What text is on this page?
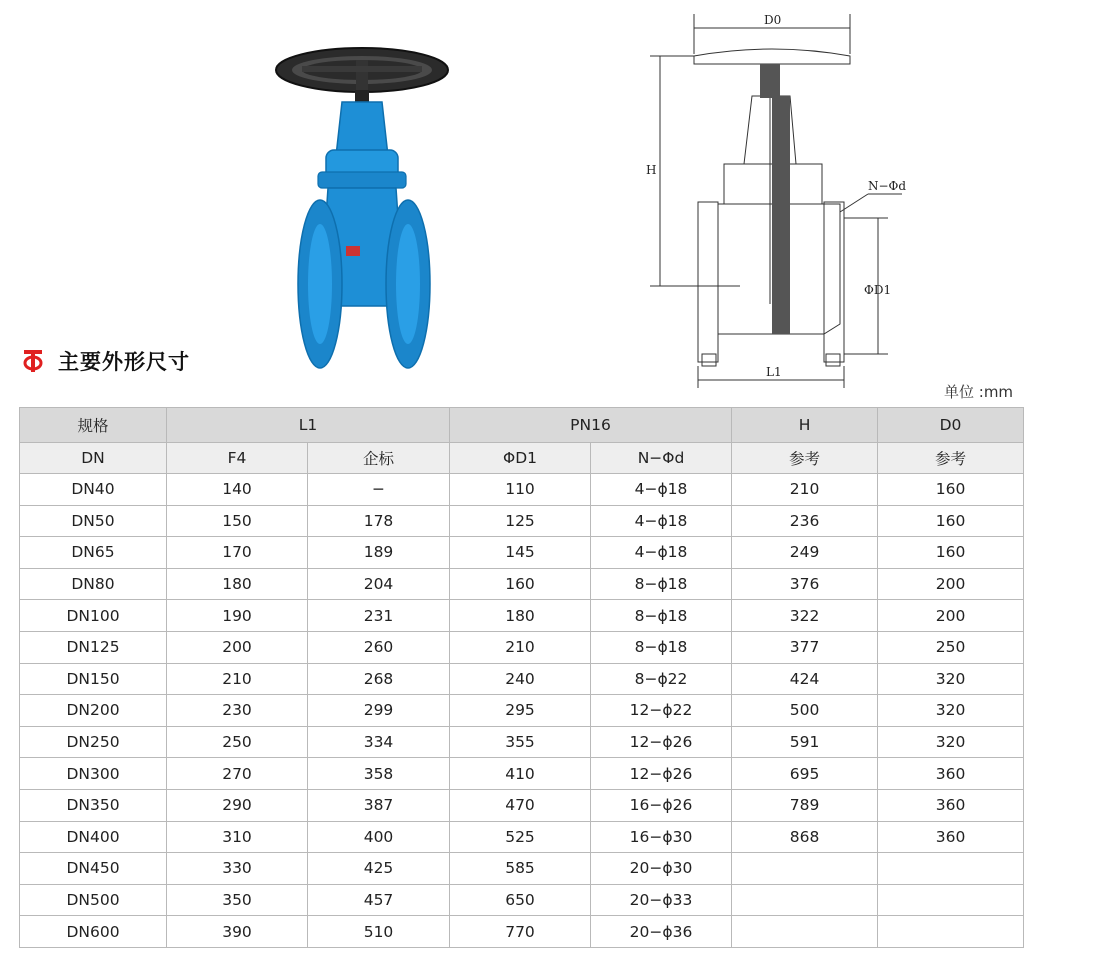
D0
H
N−Φd
ΦD1
L1
主要外形尺寸
单位 :mm
规格	L1		PN16		H	D0
DN	F4	企标	ΦD1	N−Φd	参考	参考
DN40	140	−	110	4−ϕ18	210	160
DN50	150	178	125	4−ϕ18	236	160
DN65	170	189	145	4−ϕ18	249	160
DN80	180	204	160	8−ϕ18	376	200
DN100	190	231	180	8−ϕ18	322	200
DN125	200	260	210	8−ϕ18	377	250
DN150	210	268	240	8−ϕ22	424	320
DN200	230	299	295	12−ϕ22	500	320
DN250	250	334	355	12−ϕ26	591	320
DN300	270	358	410	12−ϕ26	695	360
DN350	290	387	470	16−ϕ26	789	360
DN400	310	400	525	16−ϕ30	868	360
DN450	330	425	585	20−ϕ30		
DN500	350	457	650	20−ϕ33		
DN600	390	510	770	20−ϕ36		
